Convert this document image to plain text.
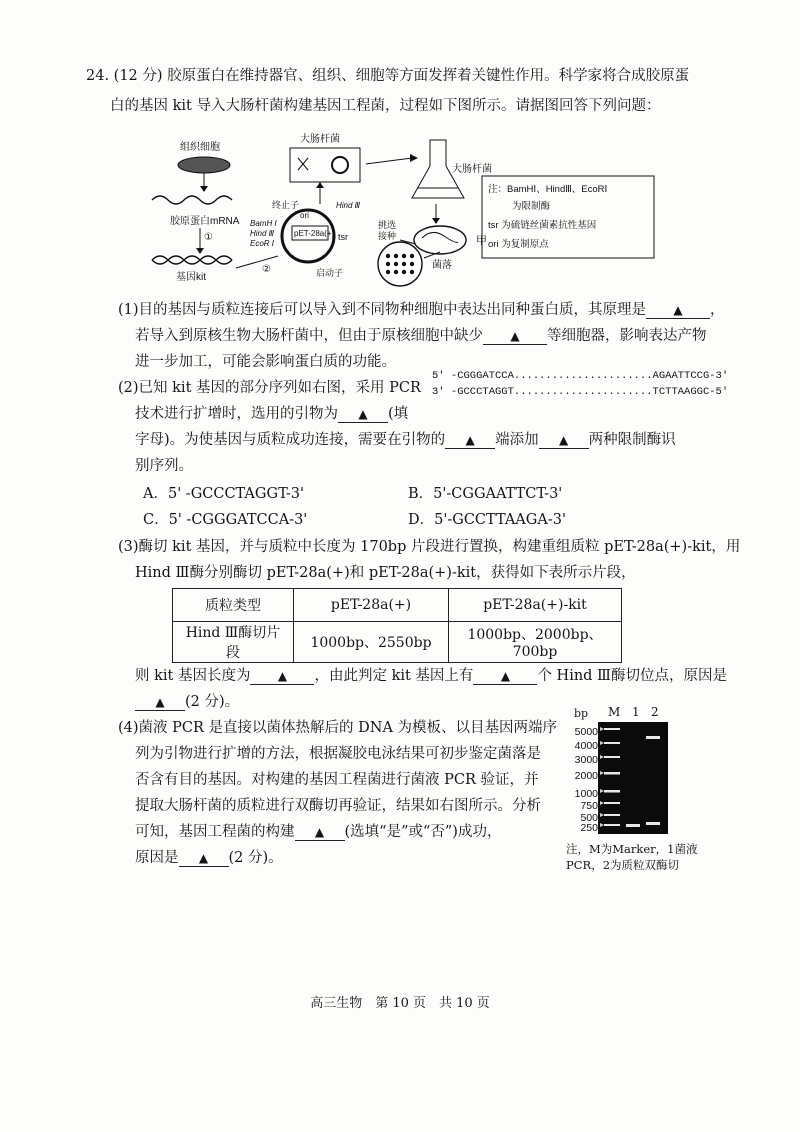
24. (12 分) 胶原蛋白在维持器官、组织、细胞等方面发挥着关键性作用。科学家将合成胶原蛋
白的基因 kit 导入大肠杆菌构建基因工程菌，过程如下图所示。请据图回答下列问题：
组织细胞
胶原蛋白mRNA
①
基因kit
②
大肠杆菌
pET-28a(+)
ori
终止子	Hind Ⅲ
BamH Ⅰ
Hind Ⅲ
EcoR Ⅰ
tsr
启动子
大肠杆菌
甲
挑选
接种
菌落
注：BamHⅠ、HindⅢ、EcoRⅠ
为限制酶
tsr 为硫链丝菌素抗性基因
ori 为复制原点
(1)目的基因与质粒连接后可以导入到不同物种细胞中表达出同种蛋白质，其原理是 ▲ ，
若导入到原核生物大肠杆菌中，但由于原核细胞中缺少 ▲ 等细胞器，影响表达产物
进一步加工，可能会影响蛋白质的功能。
5' -CGGGATCCA......................AGAATTCCG-3'
3' -GCCCTAGGT......................TCTTAAGGC-5'
(2)已知 kit 基因的部分序列如右图，采用 PCR
技术进行扩增时，选用的引物为 ▲ (填
字母)。为使基因与质粒成功连接，需要在引物的 ▲ 端添加 ▲ 两种限制酶识
别序列。
A．5' -GCCCTAGGT-3'	B．5'-CGGAATTCT-3'
C．5' -CGGGATCCA-3'	D．5'-GCCTTAAGA-3'
(3)酶切 kit 基因，并与质粒中长度为 170bp 片段进行置换，构建重组质粒 pET-28a(+)-kit，用
Hind Ⅲ酶分别酶切 pET-28a(+)和 pET-28a(+)-kit，获得如下表所示片段，
质粒类型	pET-28a(+)	pET-28a(+)-kit
Hind Ⅲ酶切片段	1000bp、2550bp	1000bp、2000bp、700bp
则 kit 基因长度为 ▲ ，由此判定 kit 基因上有 ▲ 个 Hind Ⅲ酶切位点，原因是
▲ (2 分)。
(4)菌液 PCR 是直接以菌体热解后的 DNA 为模板、以目基因两端序
列为引物进行扩增的方法，根据凝胶电泳结果可初步鉴定菌落是
否含有目的基因。对构建的基因工程菌进行菌液 PCR 验证，并
提取大肠杆菌的质粒进行双酶切再验证，结果如右图所示。分析
可知，基因工程菌的构建 ▲ (选填“是”或“否”)成功，
原因是 ▲ (2 分)。
bp M 1 2
5000
4000
3000
2000
1000
750
500
250
注，M为Marker，1菌液
PCR，2为质粒双酶切
高三生物　第 10 页　共 10 页
